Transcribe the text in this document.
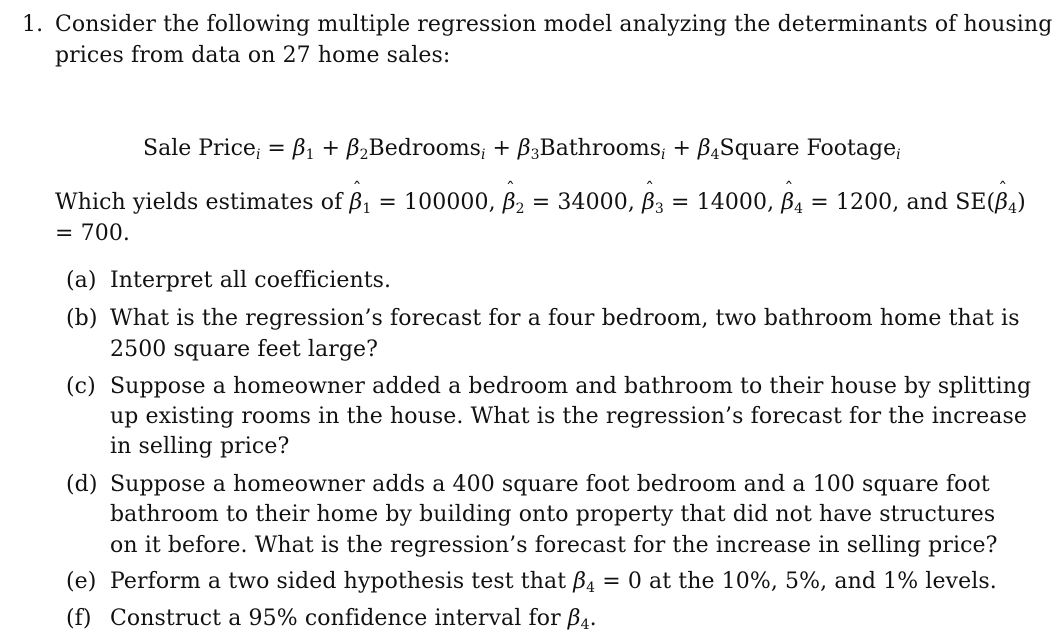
1. Consider the following multiple regression model analyzing the determinants of housing
prices from data on 27 home sales:
Sale Price$_i$ = $\beta_1$ + $\beta_2Bedrooms_i$ + $\beta_3Bathrooms_i$ + $\beta_4Square$ Footage$_i$
Which yields estimates of ˆ $\beta_1 = 100000$, ˆ $\beta_2 = 34000$, ˆ $\beta_3 = 14000$, ˆ $\beta_4 = 1200$, and SE(ˆ $\beta_4$)
= 700.
(a) Interpret all coefficients.
(b) What is the regression’s forecast for a four bedroom, two bathroom home that is
2500 square feet large?
(c) Suppose a homeowner added a bedroom and bathroom to their house by splitting
up existing rooms in the house. What is the regression’s forecast for the increase
in selling price?
(d) Suppose a homeowner adds a 400 square foot bedroom and a 100 square foot
bathroom to their home by building onto property that did not have structures
on it before. What is the regression’s forecast for the increase in selling price?
(e) Perform a two sided hypothesis test that $\beta_4 = 0$ at the 10%, 5%, and 1% levels.
(f) Construct a 95% confidence interval for $\beta_4$.
